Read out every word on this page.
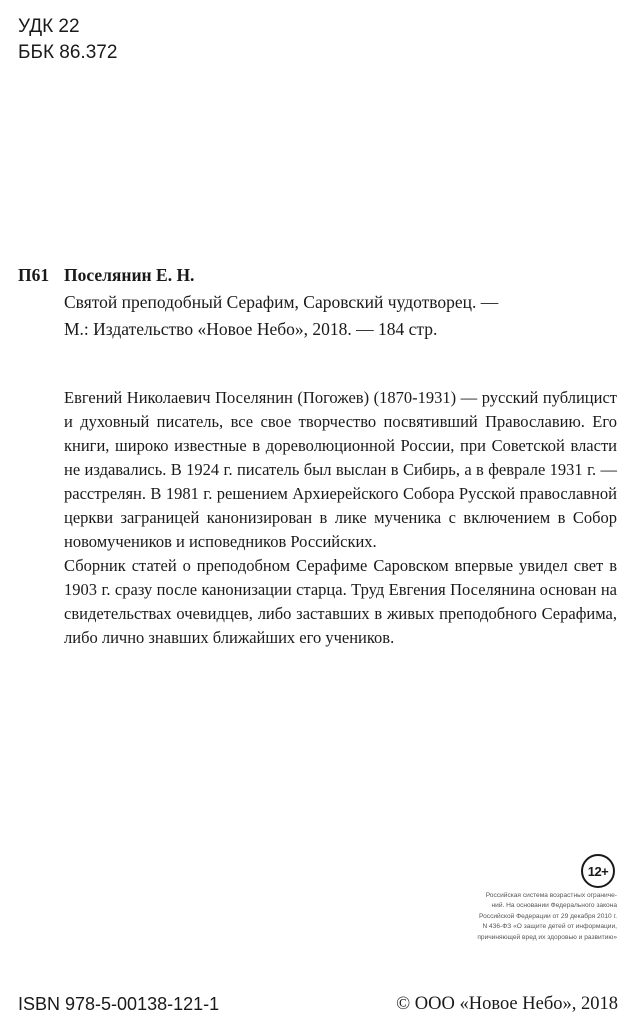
УДК 22
ББК 86.372
П61 Поселянин Е. Н.
Святой преподобный Серафим, Саровский чудотворец. —
М.: Издательство «Новое Небо», 2018. — 184 стр.

Евгений Николаевич Поселянин (Погожев) (1870-1931) — русский публицист и духовный писатель, все свое творчество посвятивший Православию. Его книги, широко известные в дореволюционной России, при Советской власти не издавались. В 1924 г. писатель был выслан в Сибирь, а в феврале 1931 г. — расстрелян. В 1981 г. решением Архиерейского Собора Русской православной церкви заграницей канонизирован в лике мученика с включением в Собор новомучеников и исповедников Российских.

Сборник статей о преподобном Серафиме Саровском впервые увидел свет в 1903 г. сразу после канонизации старца. Труд Евгения Поселянина основан на свидетельствах очевидцев, либо заставших в живых преподобного Серафима, либо лично знавших ближайших его учеников.

12+
Российская система возрастных ограниче-
ний. На основании Федерального закона
Российской Федерации от 29 декабря 2010 г.
N 436-ФЗ «О защите детей от информации,
причиняющей вред их здоровью и развитию»
ISBN 978-5-00138-121-1	© ООО «Новое Небо», 2018
